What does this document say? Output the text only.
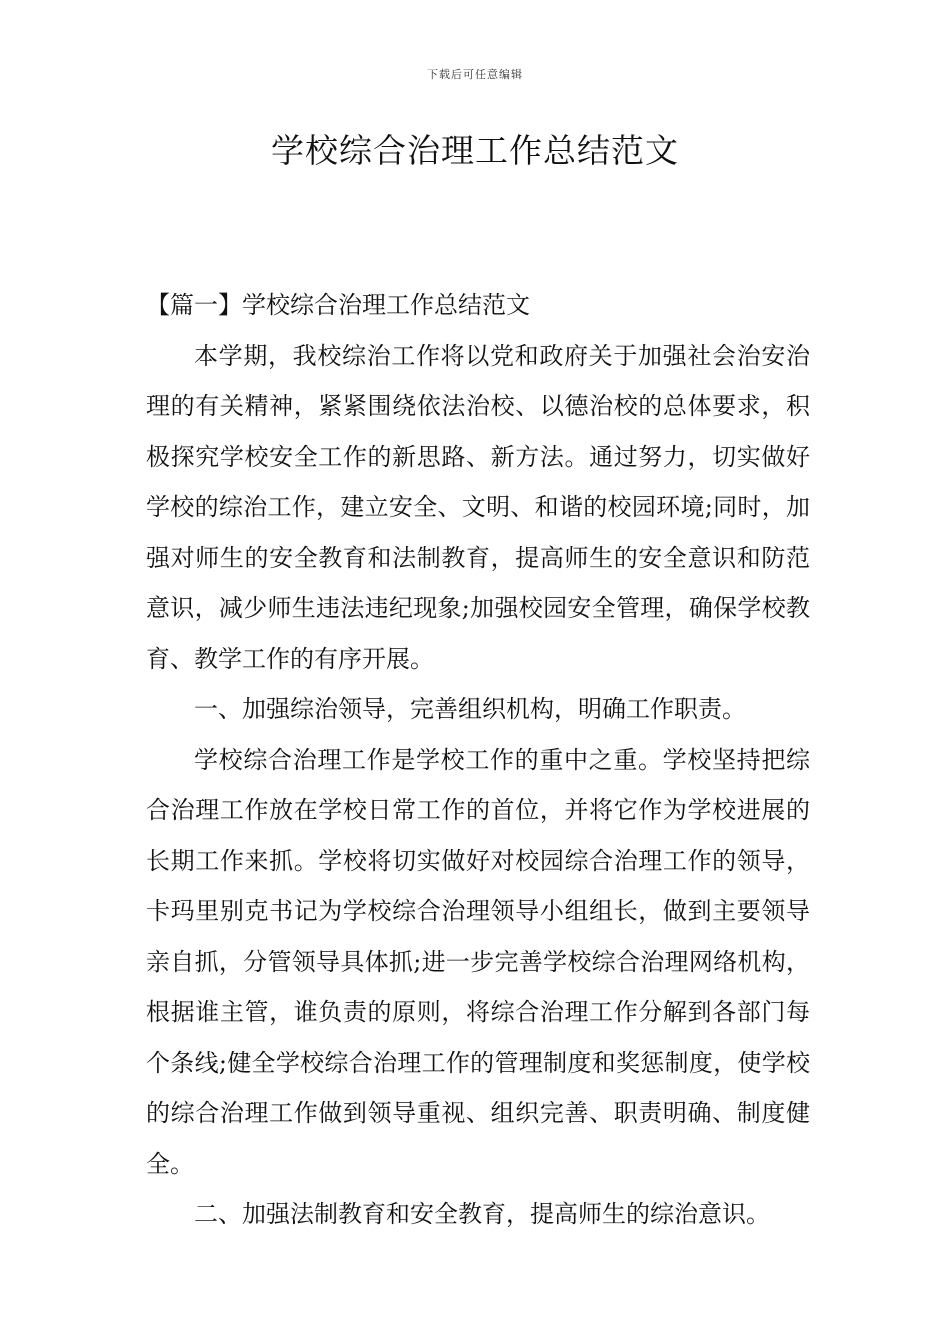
下载后可任意编辑
学校综合治理工作总结范文

【篇一】学校综合治理工作总结范文

本学期，我校综治工作将以党和政府关于加强社会治安治理的有关精神，紧紧围绕依法治校、以德治校的总体要求，积极探究学校安全工作的新思路、新方法。通过努力，切实做好学校的综治工作，建立安全、文明、和谐的校园环境;同时，加强对师生的安全教育和法制教育，提高师生的安全意识和防范意识，减少师生违法违纪现象;加强校园安全管理，确保学校教育、教学工作的有序开展。

一、加强综治领导，完善组织机构，明确工作职责。

学校综合治理工作是学校工作的重中之重。学校坚持把综合治理工作放在学校日常工作的首位，并将它作为学校进展的长期工作来抓。学校将切实做好对校园综合治理工作的领导，卡玛里别克书记为学校综合治理领导小组组长，做到主要领导亲自抓，分管领导具体抓;进一步完善学校综合治理网络机构，根据谁主管，谁负责的原则，将综合治理工作分解到各部门每个条线;健全学校综合治理工作的管理制度和奖惩制度，使学校的综合治理工作做到领导重视、组织完善、职责明确、制度健全。

二、加强法制教育和安全教育，提高师生的综治意识。
